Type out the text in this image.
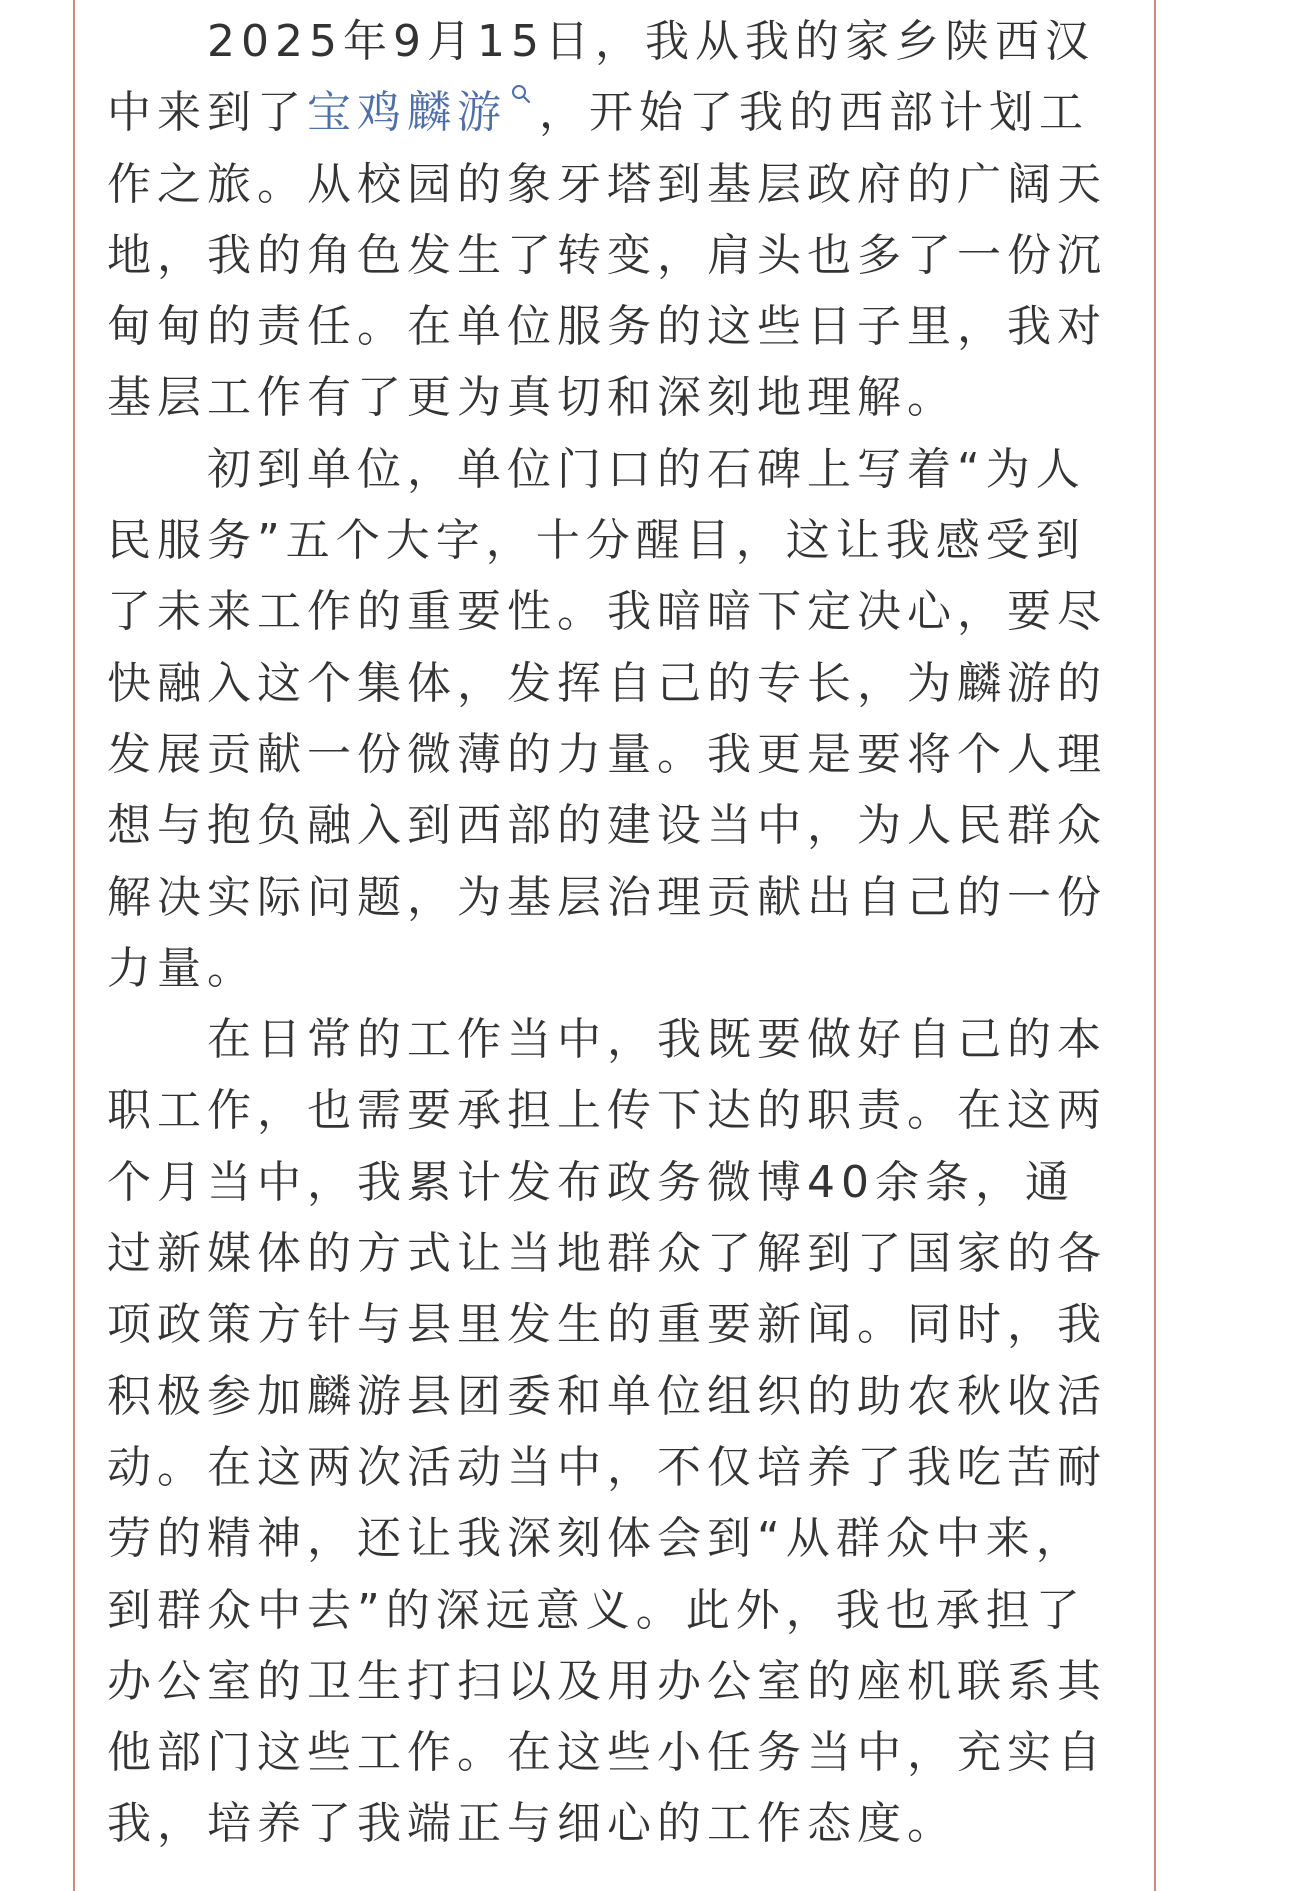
2025年9月15日，我从我的家乡陕西汉
中来到了宝鸡麟游 ，开始了我的西部计划工
作之旅。从校园的象牙塔到基层政府的广阔天
地，我的角色发生了转变，肩头也多了一份沉
甸甸的责任。在单位服务的这些日子里，我对
基层工作有了更为真切和深刻地理解。
初到单位，单位门口的石碑上写着“为人
民服务”五个大字，十分醒目，这让我感受到
了未来工作的重要性。我暗暗下定决心，要尽
快融入这个集体，发挥自己的专长，为麟游的
发展贡献一份微薄的力量。我更是要将个人理
想与抱负融入到西部的建设当中，为人民群众
解决实际问题，为基层治理贡献出自己的一份
力量。
在日常的工作当中，我既要做好自己的本
职工作，也需要承担上传下达的职责。在这两
个月当中，我累计发布政务微博40余条，通
过新媒体的方式让当地群众了解到了国家的各
项政策方针与县里发生的重要新闻。同时，我
积极参加麟游县团委和单位组织的助农秋收活
动。在这两次活动当中，不仅培养了我吃苦耐
劳的精神，还让我深刻体会到“从群众中来，
到群众中去”的深远意义。此外，我也承担了
办公室的卫生打扫以及用办公室的座机联系其
他部门这些工作。在这些小任务当中，充实自
我，培养了我端正与细心的工作态度。
